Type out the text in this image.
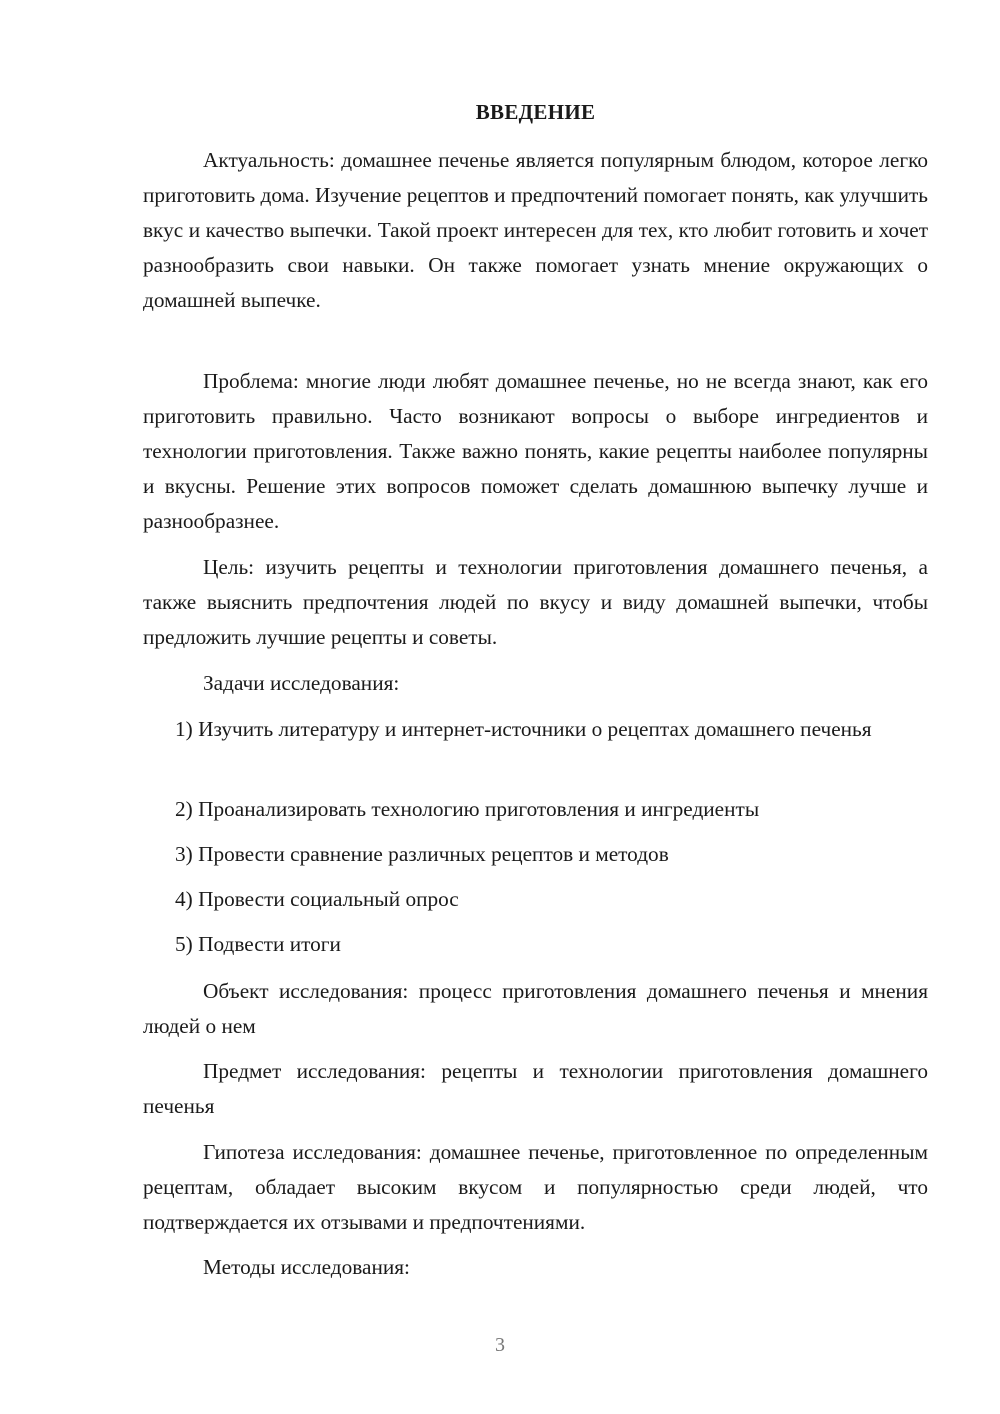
ВВЕДЕНИЕ

Актуальность: домашнее печенье является популярным блюдом, которое легко приготовить дома. Изучение рецептов и предпочтений помогает понять, как улучшить вкус и качество выпечки. Такой проект интересен для тех, кто любит готовить и хочет разнообразить свои навыки. Он также помогает узнать мнение окружающих о домашней выпечке.

Проблема: многие люди любят домашнее печенье, но не всегда знают, как его приготовить правильно. Часто возникают вопросы о выборе ингредиентов и технологии приготовления. Также важно понять, какие рецепты наиболее популярны и вкусны. Решение этих вопросов поможет сделать домашнюю выпечку лучше и разнообразнее.

Цель: изучить рецепты и технологии приготовления домашнего печенья, а также выяснить предпочтения людей по вкусу и виду домашней выпечки, чтобы предложить лучшие рецепты и советы.

Задачи исследования:

1) Изучить литературу и интернет-источники о рецептах домашнего печенья

2) Проанализировать технологию приготовления и ингредиенты

3) Провести сравнение различных рецептов и методов

4) Провести социальный опрос

5) Подвести итоги

Объект исследования: процесс приготовления домашнего печенья и мнения людей о нем

Предмет исследования: рецепты и технологии приготовления домашнего печенья

Гипотеза исследования: домашнее печенье, приготовленное по определенным рецептам, обладает высоким вкусом и популярностью среди людей, что подтверждается их отзывами и предпочтениями.

Методы исследования:

3
